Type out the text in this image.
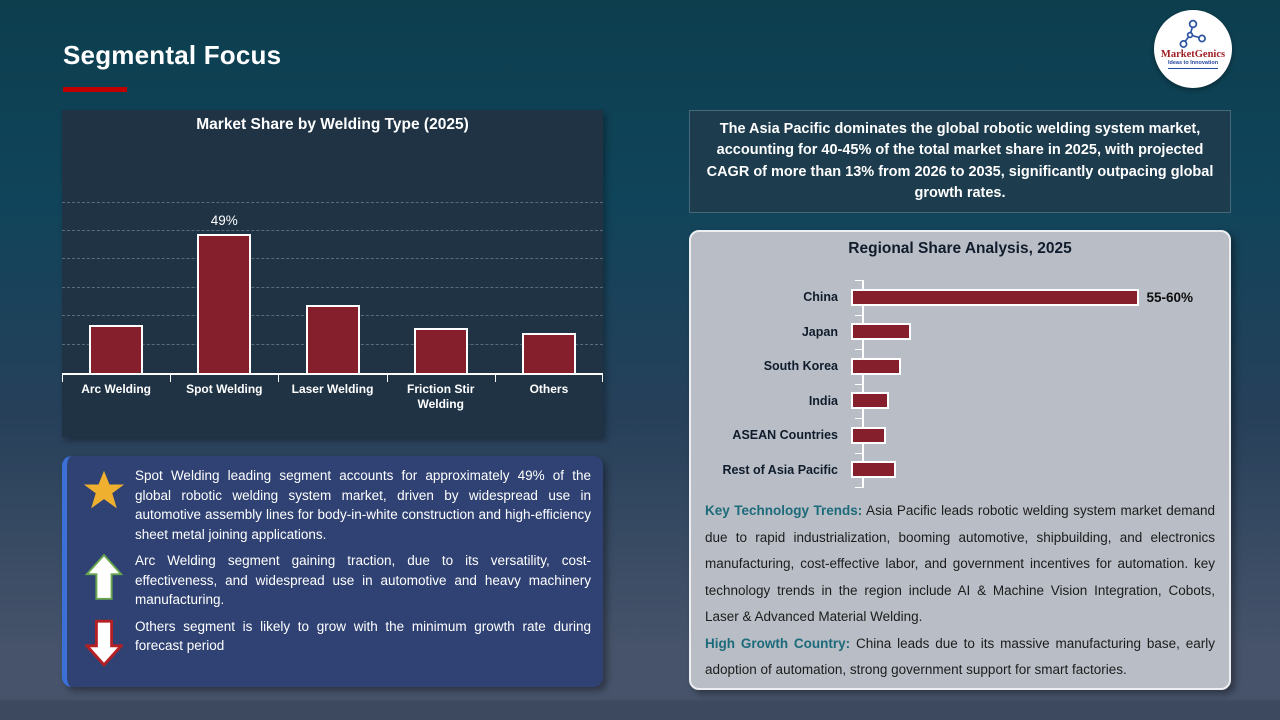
Segmental Focus	MarketGenics
Ideas to Innovation
Market Share by Welding Type (2025)
49%
Arc Welding	Spot Welding	Laser Welding	Friction Stir Welding
Others
Spot Welding leading segment accounts for approximately 49% of the global robotic welding system market, driven by widespread use in automotive assembly lines for body-in-white construction and high-efficiency sheet metal joining applications.
Arc Welding segment gaining traction, due to its versatility, cost-effectiveness, and widespread use in automotive and heavy machinery manufacturing.
Others segment is likely to grow with the minimum growth rate during forecast period
The Asia Pacific dominates the global robotic welding system market, accounting for 40-45% of the total market share in 2025, with projected CAGR of more than 13% from 2026 to 2035, significantly outpacing global growth rates.
Regional Share Analysis, 2025
China	55-60%
Japan
South Korea
India
ASEAN Countries
Rest of Asia Pacific

Key Technology Trends: Asia Pacific leads robotic welding system market demand due to rapid industrialization, booming automotive, shipbuilding, and electronics manufacturing, cost-effective labor, and government incentives for automation. key technology trends in the region include AI & Machine Vision Integration, Cobots, Laser & Advanced Material Welding.

High Growth Country: China leads due to its massive manufacturing base, early adoption of automation, strong government support for smart factories.
